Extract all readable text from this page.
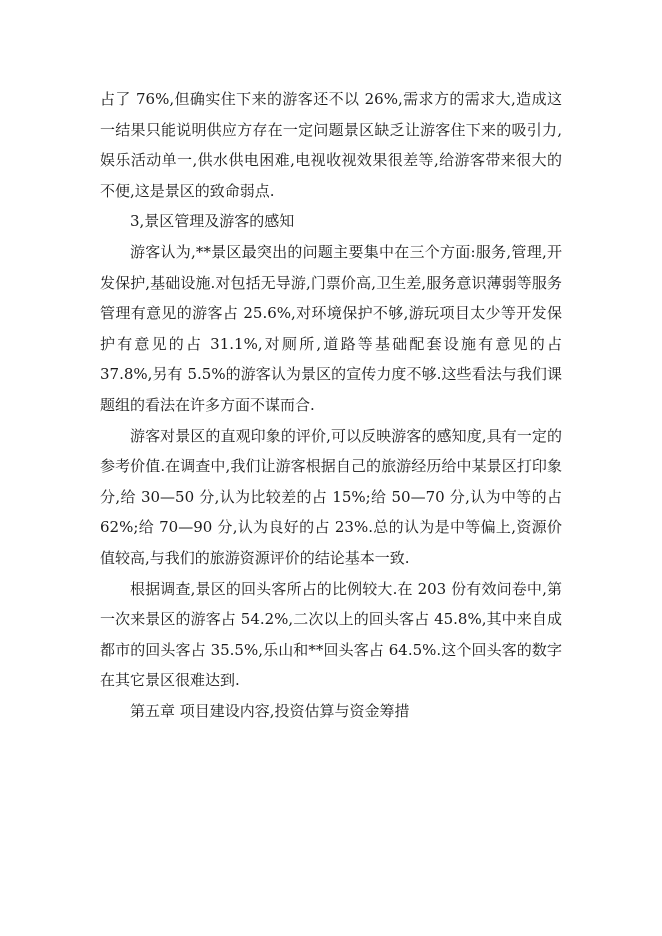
占了 76%,但确实住下来的游客还不以 26%,需求方的需求大,造成这一结果只能说明供应方存在一定问题景区缺乏让游客住下来的吸引力,娱乐活动单一,供水供电困难,电视收视效果很差等,给游客带来很大的不便,这是景区的致命弱点.

3,景区管理及游客的感知

游客认为,**景区最突出的问题主要集中在三个方面:服务,管理,开发保护,基础设施.对包括无导游,门票价高,卫生差,服务意识薄弱等服务管理有意见的游客占 25.6%,对环境保护不够,游玩项目太少等开发保护有意见的占 31.1%,对厕所,道路等基础配套设施有意见的占 37.8%,另有 5.5%的游客认为景区的宣传力度不够.这些看法与我们课题组的看法在许多方面不谋而合.

游客对景区的直观印象的评价,可以反映游客的感知度,具有一定的参考价值.在调查中,我们让游客根据自己的旅游经历给中某景区打印象分,给 30—50 分,认为比较差的占 15%;给 50—70 分,认为中等的占 62%;给 70—90 分,认为良好的占 23%.总的认为是中等偏上,资源价值较高,与我们的旅游资源评价的结论基本一致.

根据调查,景区的回头客所占的比例较大.在 203 份有效问卷中,第一次来景区的游客占 54.2%,二次以上的回头客占 45.8%,其中来自成都市的回头客占 35.5%,乐山和**回头客占 64.5%.这个回头客的数字在其它景区很难达到.

第五章 项目建设内容,投资估算与资金筹措
